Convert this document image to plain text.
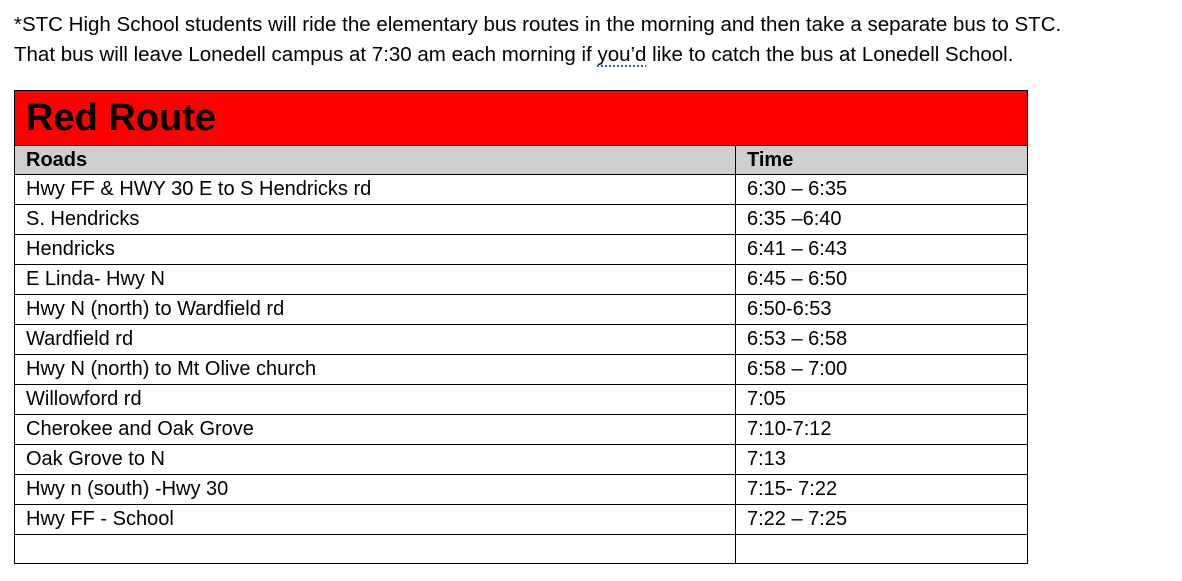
*STC High School students will ride the elementary bus routes in the morning and then take a separate bus to STC.
That bus will leave Lonedell campus at 7:30 am each morning if you’d like to catch the bus at Lonedell School.
Red Route	
Roads	Time
Hwy FF & HWY 30 E to S Hendricks rd	6:30 – 6:35
S. Hendricks	6:35 –6:40
Hendricks	6:41 – 6:43
E Linda- Hwy N	6:45 – 6:50
Hwy N (north) to Wardfield rd	6:50-6:53
Wardfield rd	6:53 – 6:58
Hwy N (north) to Mt Olive church	6:58 – 7:00
Willowford rd	7:05
Cherokee and Oak Grove	7:10-7:12
Oak Grove to N	7:13
Hwy n (south) -Hwy 30	7:15- 7:22
Hwy FF - School	7:22 – 7:25
